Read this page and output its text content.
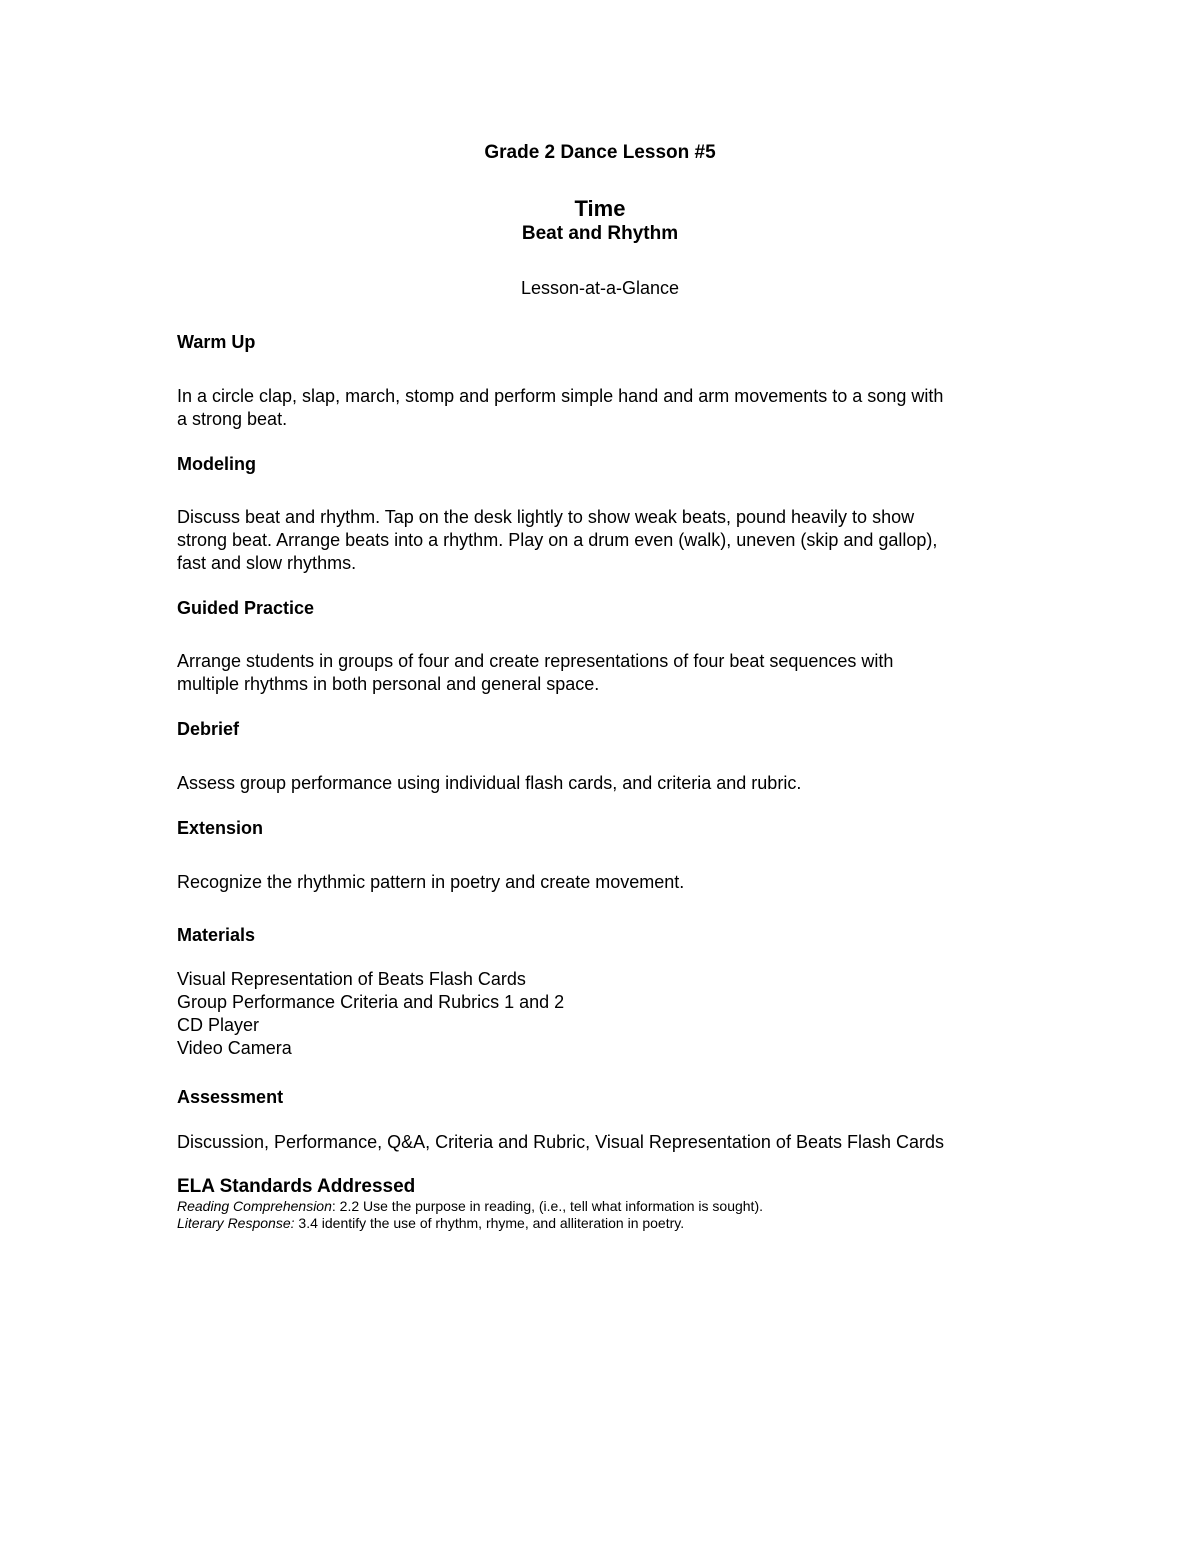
Grade 2 Dance Lesson #5
Time
Beat and Rhythm
Lesson-at-a-Glance

Warm Up

In a circle clap, slap, march, stomp and perform simple hand and arm movements to a song with

a strong beat.

Modeling

Discuss beat and rhythm. Tap on the desk lightly to show weak beats, pound heavily to show

strong beat. Arrange beats into a rhythm. Play on a drum even (walk), uneven (skip and gallop),

fast and slow rhythms.

Guided Practice

Arrange students in groups of four and create representations of four beat sequences with

multiple rhythms in both personal and general space.

Debrief

Assess group performance using individual flash cards, and criteria and rubric.

Extension

Recognize the rhythmic pattern in poetry and create movement.

Materials

Visual Representation of Beats Flash Cards

Group Performance Criteria and Rubrics 1 and 2

CD Player

Video Camera

Assessment

Discussion, Performance, Q&A, Criteria and Rubric, Visual Representation of Beats Flash Cards

ELA Standards Addressed

Reading Comprehension: 2.2 Use the purpose in reading, (i.e., tell what information is sought).

Literary Response: 3.4 identify the use of rhythm, rhyme, and alliteration in poetry.
